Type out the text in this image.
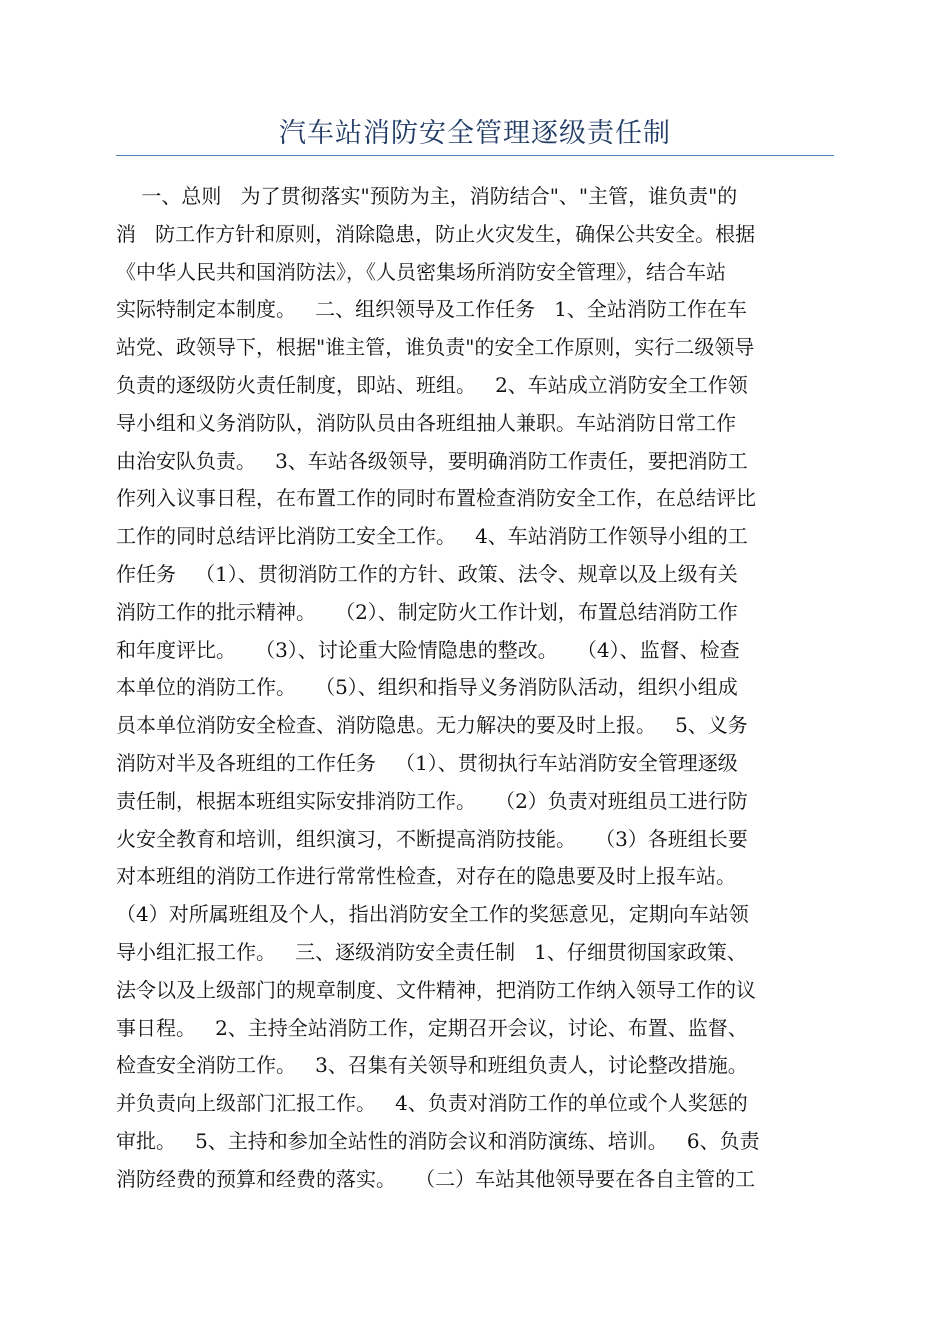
汽车站消防安全管理逐级责任制
一、总则   为了贯彻落实"预防为主，消防结合"、"主管，谁负责"的
消   防工作方针和原则，消除隐患，防止火灾发生，确保公共安全。根据
《中华人民共和国消防法》，《人员密集场所消防安全管理》，结合车站
实际特制定本制度。   二、组织领导及工作任务   1、全站消防工作在车
站党、政领导下，根据"谁主管，谁负责"的安全工作原则，实行二级领导
负责的逐级防火责任制度，即站、班组。   2、车站成立消防安全工作领
导小组和义务消防队，消防队员由各班组抽人兼职。车站消防日常工作
由治安队负责。   3、车站各级领导，要明确消防工作责任，要把消防工
作列入议事日程，在布置工作的同时布置检查消防安全工作，在总结评比
工作的同时总结评比消防工安全工作。   4、车站消防工作领导小组的工
作任务   （1）、贯彻消防工作的方针、政策、法令、规章以及上级有关
消防工作的批示精神。   （2）、制定防火工作计划，布置总结消防工作
和年度评比。   （3）、讨论重大险情隐患的整改。   （4）、监督、检查
本单位的消防工作。   （5）、组织和指导义务消防队活动，组织小组成
员本单位消防安全检查、消防隐患。无力解决的要及时上报。   5、义务
消防对半及各班组的工作任务   （1）、贯彻执行车站消防安全管理逐级
责任制，根据本班组实际安排消防工作。   （2）负责对班组员工进行防
火安全教育和培训，组织演习，不断提高消防技能。   （3）各班组长要
对本班组的消防工作进行常常性检查，对存在的隐患要及时上报车站。
（4）对所属班组及个人，指出消防安全工作的奖惩意见，定期向车站领
导小组汇报工作。   三、逐级消防安全责任制   1、仔细贯彻国家政策、
法令以及上级部门的规章制度、文件精神，把消防工作纳入领导工作的议
事日程。   2、主持全站消防工作，定期召开会议，讨论、布置、监督、
检查安全消防工作。   3、召集有关领导和班组负责人，讨论整改措施。
并负责向上级部门汇报工作。   4、负责对消防工作的单位或个人奖惩的
审批。   5、主持和参加全站性的消防会议和消防演练、培训。   6、负责
消防经费的预算和经费的落实。   （二）车站其他领导要在各自主管的工
